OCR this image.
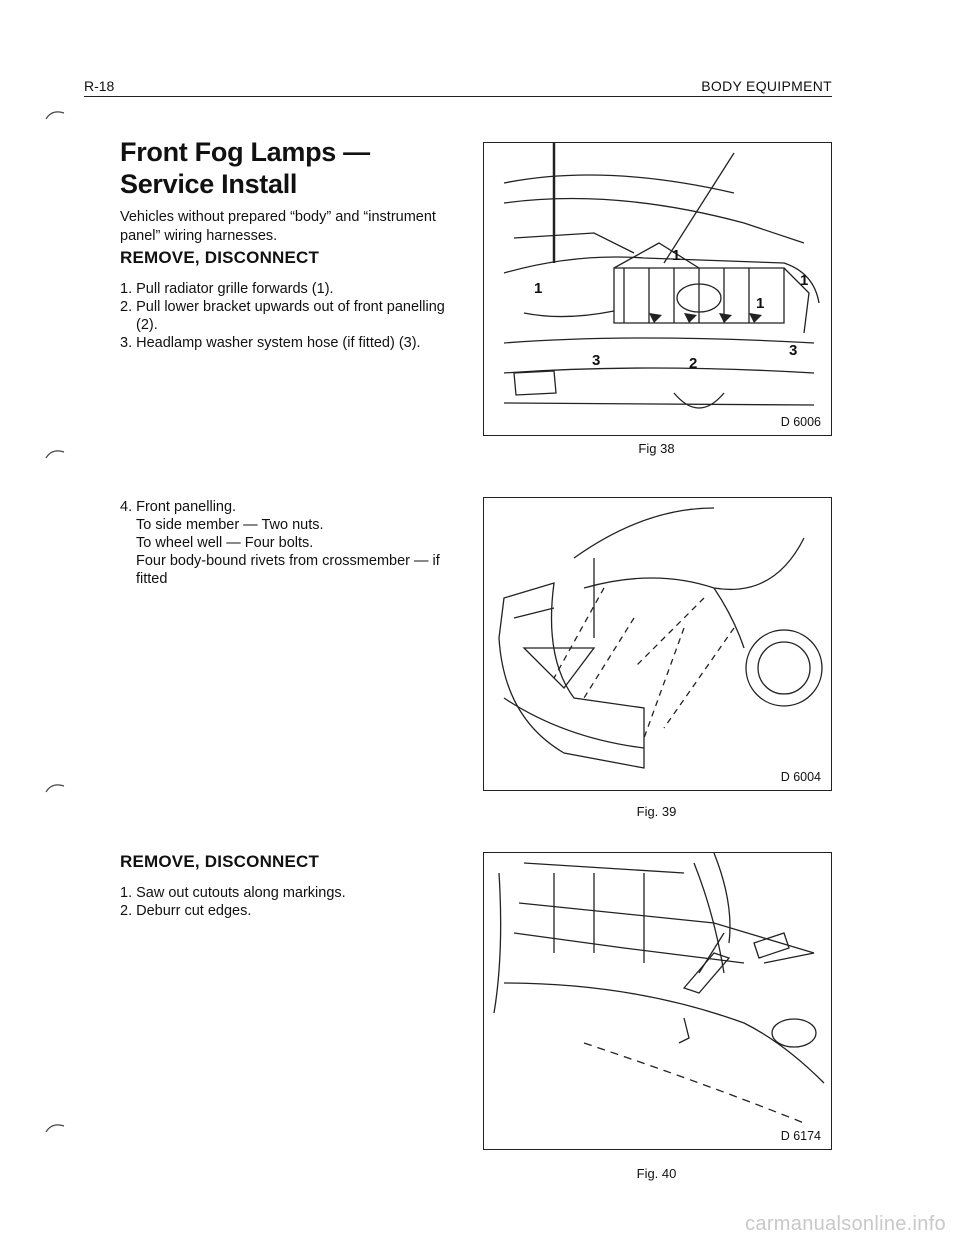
R-18	BODY EQUIPMENT
Front Fog Lamps —
Service Install
Vehicles without prepared “body” and “instrument panel” wiring harnesses.
REMOVE, DISCONNECT
1. Pull radiator grille forwards (1).
2. Pull lower bracket upwards out of front panelling (2).
3. Headlamp washer system hose (if fitted) (3).
4. Front panelling.
To side member — Two nuts.
To wheel well — Four bolts.
Four body-bound rivets from crossmember — if fitted
REMOVE, DISCONNECT
1. Saw out cutouts along markings.
2. Deburr cut edges.
1
1
1
1
2
3
3
D 6006
Fig 38
D 6004
Fig. 39
D 6174
Fig. 40
carmanualsonline.info
